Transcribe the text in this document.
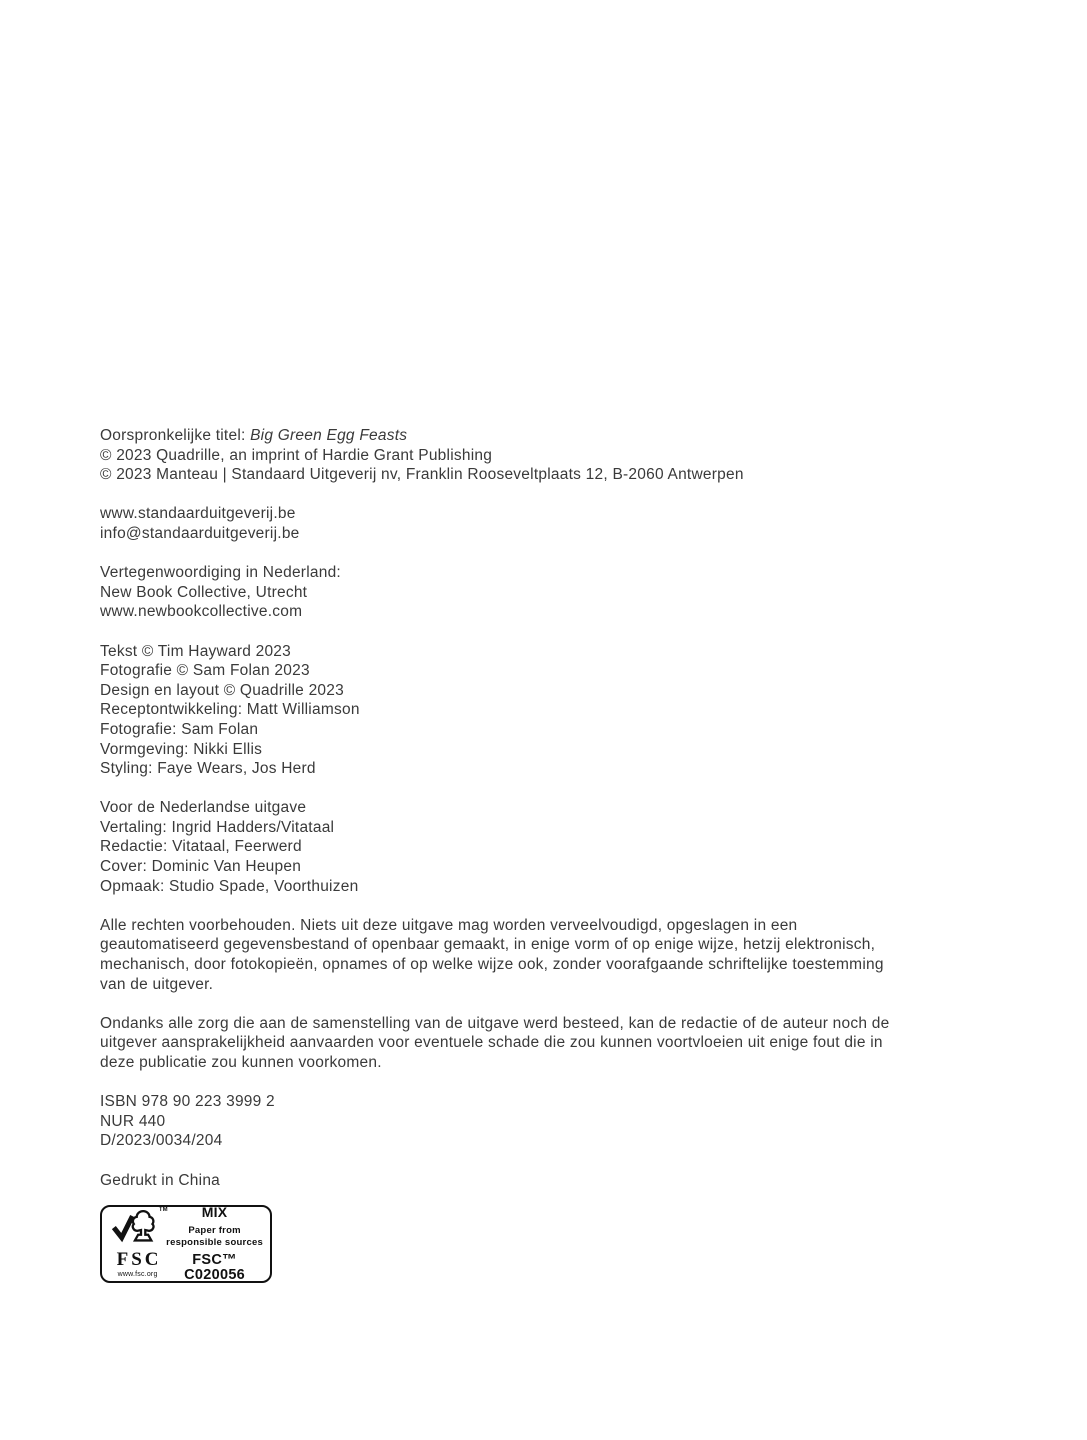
Oorspronkelijke titel: Big Green Egg Feasts
© 2023 Quadrille, an imprint of Hardie Grant Publishing
© 2023 Manteau | Standaard Uitgeverij nv, Franklin Rooseveltplaats 12, B-2060 Antwerpen
www.standaarduitgeverij.be
info@standaarduitgeverij.be
Vertegenwoordiging in Nederland:
New Book Collective, Utrecht
www.newbookcollective.com
Tekst © Tim Hayward 2023
Fotografie © Sam Folan 2023
Design en layout © Quadrille 2023
Receptontwikkeling: Matt Williamson
Fotografie: Sam Folan
Vormgeving: Nikki Ellis
Styling: Faye Wears, Jos Herd
Voor de Nederlandse uitgave
Vertaling: Ingrid Hadders/Vitataal
Redactie: Vitataal, Feerwerd
Cover: Dominic Van Heupen
Opmaak: Studio Spade, Voorthuizen
Alle rechten voorbehouden. Niets uit deze uitgave mag worden verveelvoudigd, opgeslagen in een
geautomatiseerd gegevensbestand of openbaar gemaakt, in enige vorm of op enige wijze, hetzij elektronisch,
mechanisch, door fotokopieën, opnames of op welke wijze ook, zonder voorafgaande schriftelijke toestemming
van de uitgever.
Ondanks alle zorg die aan de samenstelling van de uitgave werd besteed, kan de redactie of de auteur noch de
uitgever aansprakelijkheid aanvaarden voor eventuele schade die zou kunnen voortvloeien uit enige fout die in
deze publicatie zou kunnen voorkomen.
ISBN 978 90 223 3999 2
NUR 440
D/2023/0034/204
Gedrukt in China
TM
FSC
www.fsc.org
MIX
Paper from
responsible sources
FSC™ C020056
